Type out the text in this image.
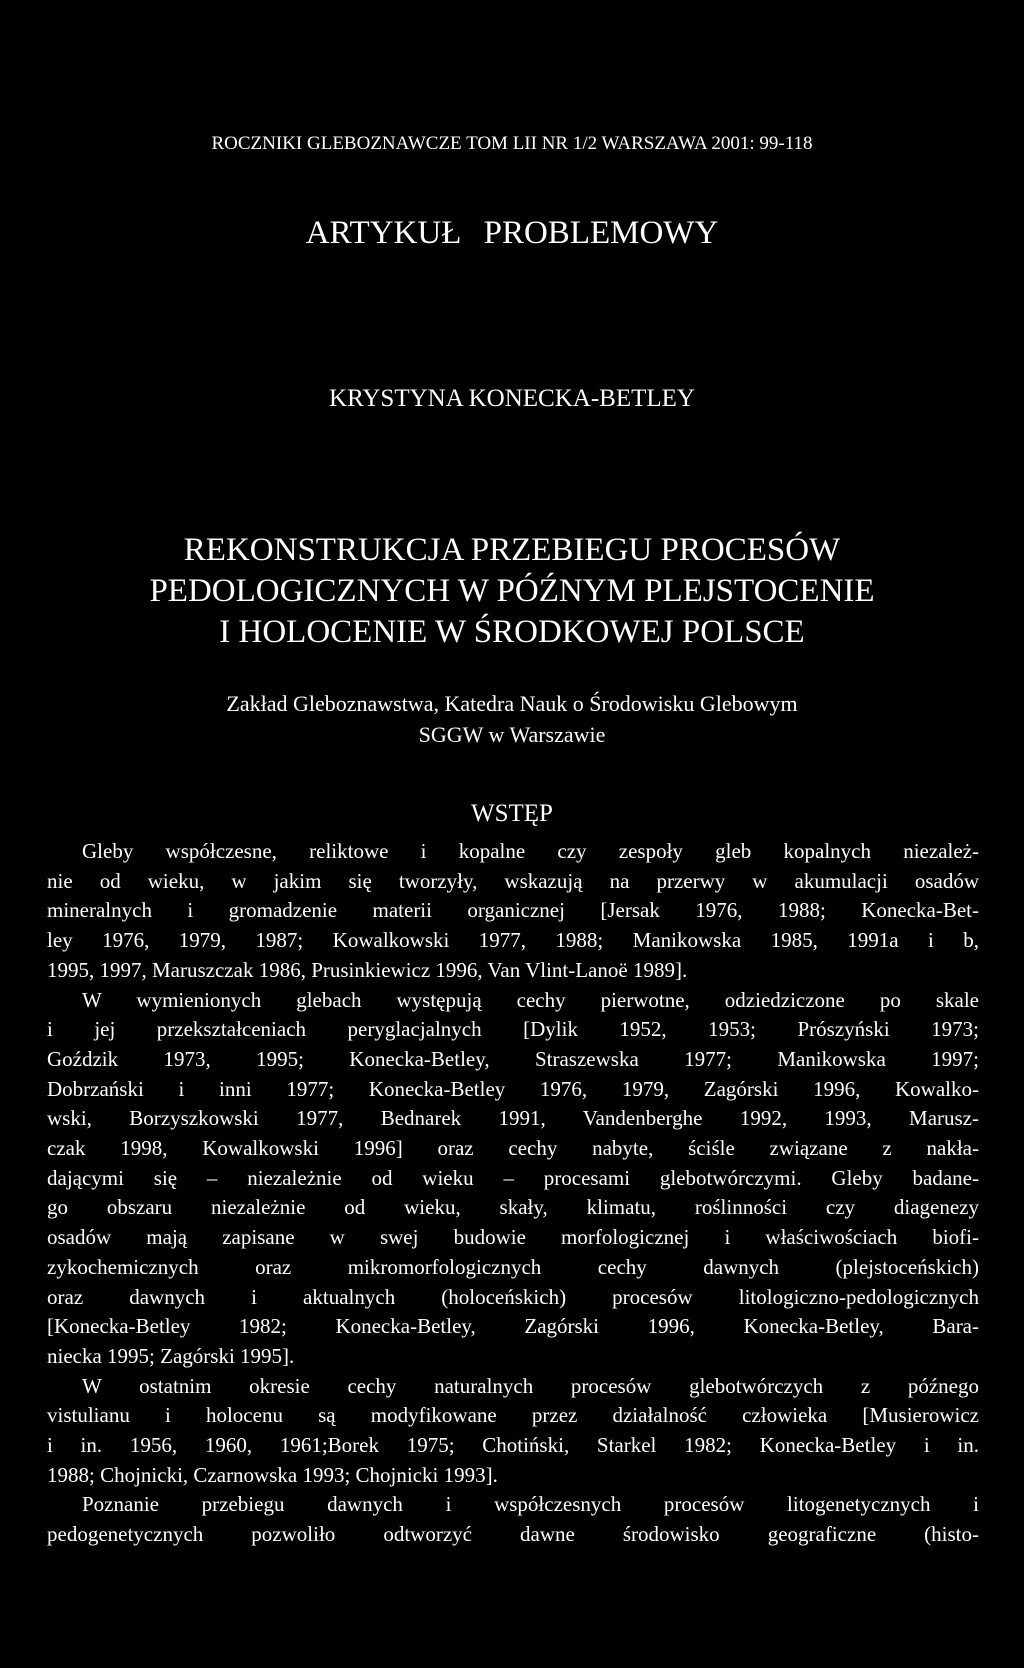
ROCZNIKI GLEBOZNAWCZE TOM LII NR 1/2 WARSZAWA 2001: 99-118
ARTYKUŁ PROBLEMOWY
KRYSTYNA KONECKA-BETLEY
REKONSTRUKCJA PRZEBIEGU PROCESÓW
PEDOLOGICZNYCH W PÓŹNYM PLEJSTOCENIE
I HOLOCENIE W ŚRODKOWEJ POLSCE
Zakład Gleboznawstwa, Katedra Nauk o Środowisku Glebowym
SGGW w Warszawie
WSTĘP
Gleby współczesne, reliktowe i kopalne czy zespoły gleb kopalnych niezależ-
nie od wieku, w jakim się tworzyły, wskazują na przerwy w akumulacji osadów
mineralnych i gromadzenie materii organicznej [Jersak 1976, 1988; Konecka-Bet-
ley 1976, 1979, 1987; Kowalkowski 1977, 1988; Manikowska 1985, 1991a i b,
1995, 1997, Maruszczak 1986, Prusinkiewicz 1996, Van Vlint-Lanoë 1989].
W wymienionych glebach występują cechy pierwotne, odziedziczone po skale
i jej przekształceniach peryglacjalnych [Dylik 1952, 1953; Prószyński 1973;
Goździk 1973, 1995; Konecka-Betley, Straszewska 1977; Manikowska 1997;
Dobrzański i inni 1977; Konecka-Betley 1976, 1979, Zagórski 1996, Kowalko-
wski, Borzyszkowski 1977, Bednarek 1991, Vandenberghe 1992, 1993, Marusz-
czak 1998, Kowalkowski 1996] oraz cechy nabyte, ściśle związane z nakła-
dającymi się – niezależnie od wieku – procesami glebotwórczymi. Gleby badane-
go obszaru niezależnie od wieku, skały, klimatu, roślinności czy diagenezy
osadów mają zapisane w swej budowie morfologicznej i właściwościach biofi-
zykochemicznych oraz mikromorfologicznych cechy dawnych (plejstoceńskich)
oraz dawnych i aktualnych (holoceńskich) procesów litologiczno-pedologicznych
[Konecka-Betley 1982; Konecka-Betley, Zagórski 1996, Konecka-Betley, Bara-
niecka 1995; Zagórski 1995].
W ostatnim okresie cechy naturalnych procesów glebotwórczych z późnego
vistulianu i holocenu są modyfikowane przez działalność człowieka [Musierowicz
i in. 1956, 1960, 1961;Borek 1975; Chotiński, Starkel 1982; Konecka-Betley i in.
1988; Chojnicki, Czarnowska 1993; Chojnicki 1993].
Poznanie przebiegu dawnych i współczesnych procesów litogenetycznych i
pedogenetycznych pozwoliło odtworzyć dawne środowisko geograficzne (histo-
